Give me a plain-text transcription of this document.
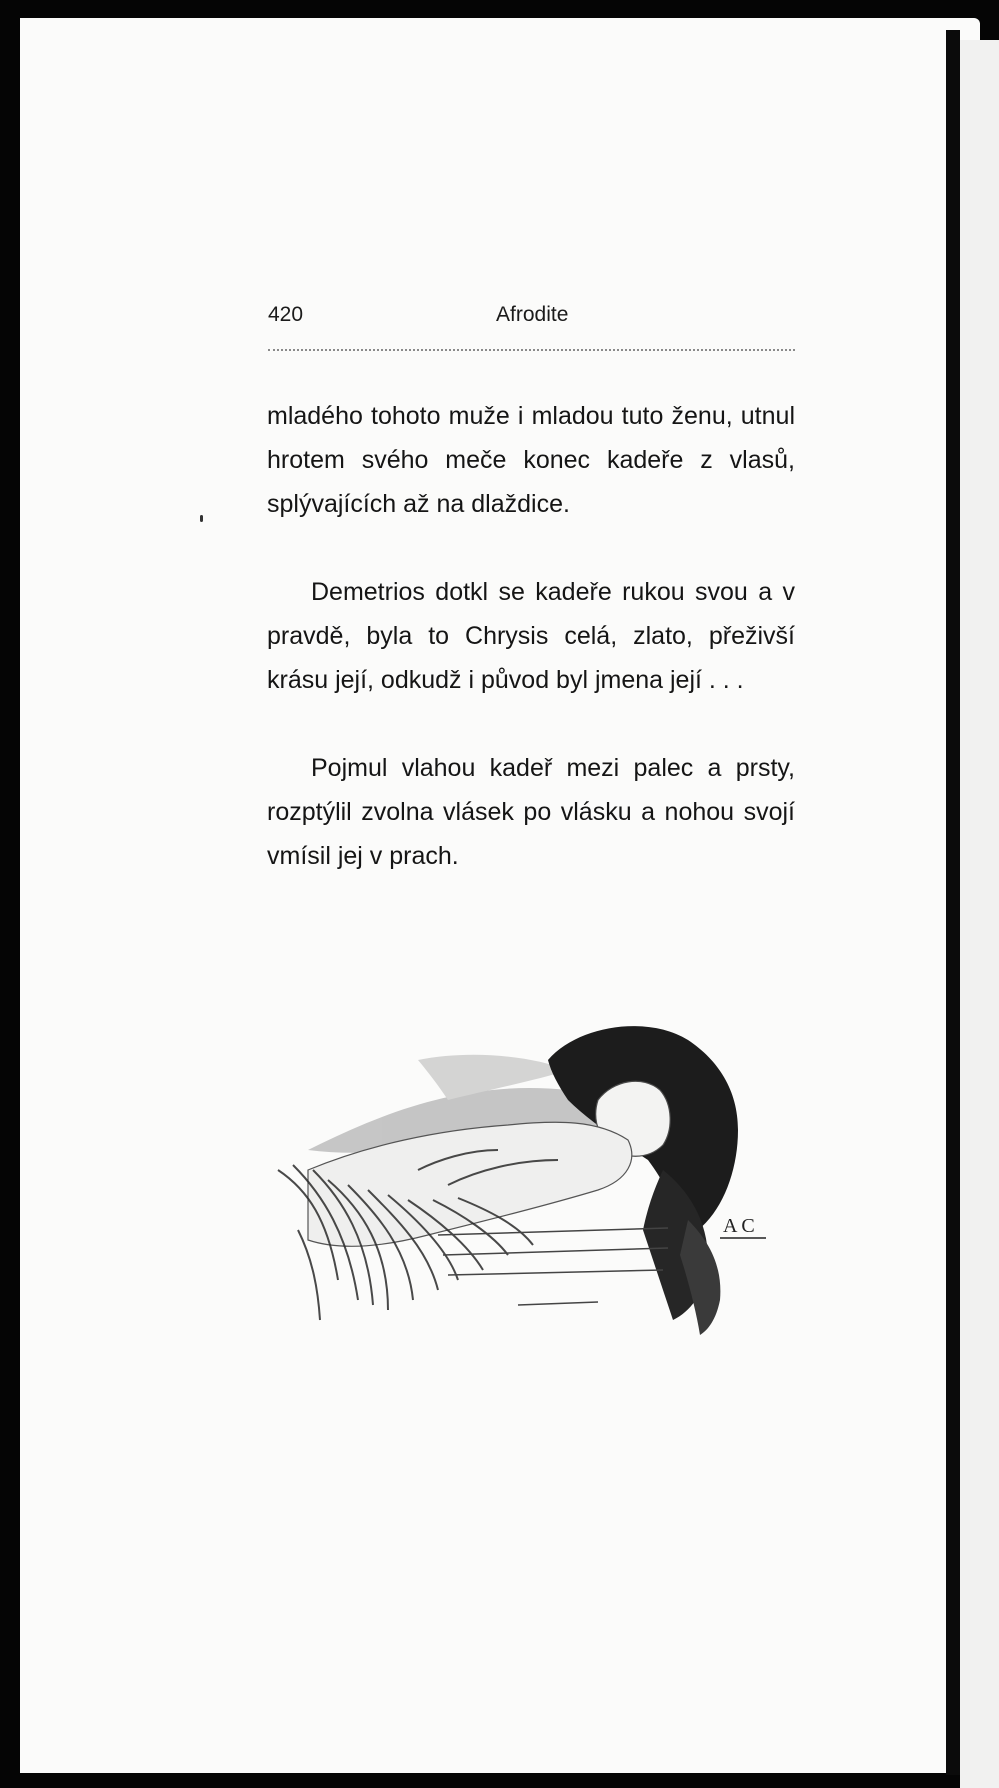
420	Afrodite

mladého tohoto muže i mladou tuto ženu, utnul hrotem svého meče konec kadeře z vlasů, splývajících až na dlaždice.

Demetrios dotkl se kadeře rukou svou a v pravdě, byla to Chrysis celá, zlato, přeživší krásu její, odkudž i původ byl jmena její . . .

Pojmul vlahou kadeř mezi palec a prsty, rozptýlil zvolna vlásek po vlásku a nohou svojí vmísil jej v prach.

A C
